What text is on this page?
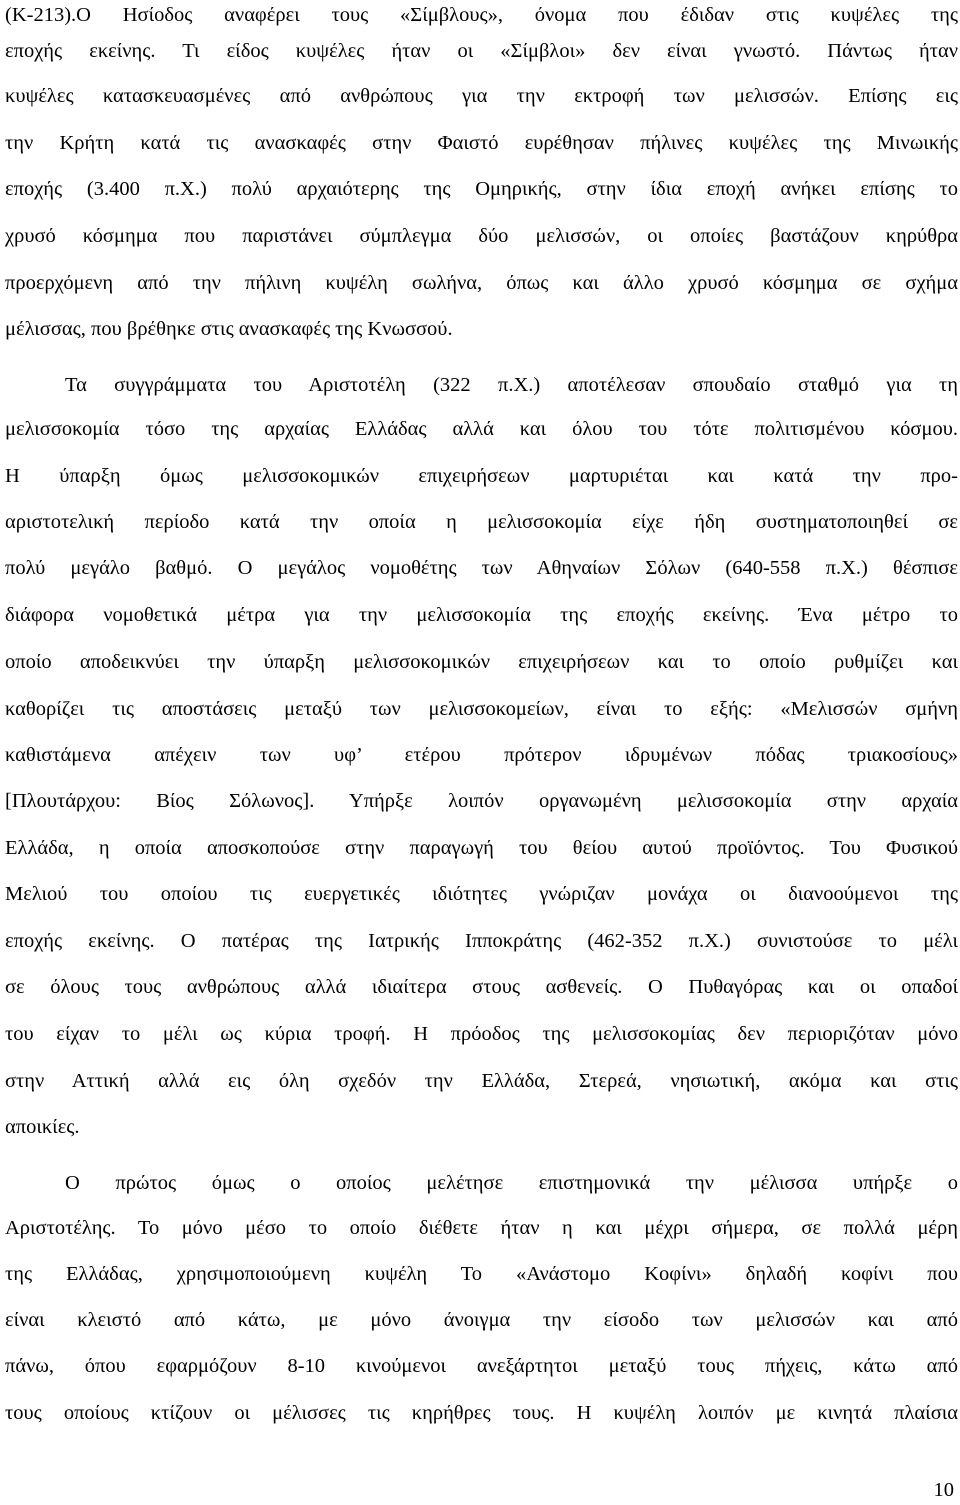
(Κ-213).Ο Ησίοδος αναφέρει τους «Σίμβλους», όνομα που έδιδαν στις κυψέλες της
εποχής εκείνης. Τι είδος κυψέλες ήταν οι «Σίμβλοι» δεν είναι γνωστό. Πάντως ήταν
κυψέλες κατασκευασμένες από ανθρώπους για την εκτροφή των μελισσών. Επίσης εις
την Κρήτη κατά τις ανασκαφές στην Φαιστό ευρέθησαν πήλινες κυψέλες της Μινωικής
εποχής (3.400 π.Χ.) πολύ αρχαιότερης της Ομηρικής, στην ίδια εποχή ανήκει επίσης το
χρυσό κόσμημα που παριστάνει σύμπλεγμα δύο μελισσών, οι οποίες βαστάζουν κηρύθρα
προερχόμενη από την πήλινη κυψέλη σωλήνα, όπως και άλλο χρυσό κόσμημα σε σχήμα
μέλισσας, που βρέθηκε στις ανασκαφές της Κνωσσού.
Τα συγγράμματα του Αριστοτέλη (322 π.Χ.) αποτέλεσαν σπουδαίο σταθμό για τη
μελισσοκομία τόσο της αρχαίας Ελλάδας αλλά και όλου του τότε πολιτισμένου κόσμου.
Η ύπαρξη όμως μελισσοκομικών επιχειρήσεων μαρτυριέται και κατά την προ-
αριστοτελική περίοδο κατά την οποία η μελισσοκομία είχε ήδη συστηματοποιηθεί σε
πολύ μεγάλο βαθμό. Ο μεγάλος νομοθέτης των Αθηναίων Σόλων (640-558 π.Χ.) θέσπισε
διάφορα νομοθετικά μέτρα για την μελισσοκομία της εποχής εκείνης. Ένα μέτρο το
οποίο αποδεικνύει την ύπαρξη μελισσοκομικών επιχειρήσεων και το οποίο ρυθμίζει και
καθορίζει τις αποστάσεις μεταξύ των μελισσοκομείων, είναι το εξής: «Μελισσών σμήνη
καθιστάμενα απέχειν των υφ’ ετέρου πρότερον ιδρυμένων πόδας τριακοσίους»
[Πλουτάρχου: Βίος Σόλωνος]. Υπήρξε λοιπόν οργανωμένη μελισσοκομία στην αρχαία
Ελλάδα, η οποία αποσκοπούσε στην παραγωγή του θείου αυτού προϊόντος. Του Φυσικού
Μελιού του οποίου τις ευεργετικές ιδιότητες γνώριζαν μονάχα οι διανοούμενοι της
εποχής εκείνης. Ο πατέρας της Ιατρικής Ιπποκράτης (462-352 π.Χ.) συνιστούσε το μέλι
σε όλους τους ανθρώπους αλλά ιδιαίτερα στους ασθενείς. Ο Πυθαγόρας και οι οπαδοί
του είχαν το μέλι ως κύρια τροφή. Η πρόοδος της μελισσοκομίας δεν περιοριζόταν μόνο
στην Αττική αλλά εις όλη σχεδόν την Ελλάδα, Στερεά, νησιωτική, ακόμα και στις
αποικίες.
Ο πρώτος όμως ο οποίος μελέτησε επιστημονικά την μέλισσα υπήρξε ο
Αριστοτέλης. Το μόνο μέσο το οποίο διέθετε ήταν η και μέχρι σήμερα, σε πολλά μέρη
της Ελλάδας, χρησιμοποιούμενη κυψέλη Το «Ανάστομο Κοφίνι» δηλαδή κοφίνι που
είναι κλειστό από κάτω, με μόνο άνοιγμα την είσοδο των μελισσών και από
πάνω, όπου εφαρμόζουν 8-10 κινούμενοι ανεξάρτητοι μεταξύ τους πήχεις, κάτω από
τους οποίους κτίζουν οι μέλισσες τις κηρήθρες τους. Η κυψέλη λοιπόν με κινητά πλαίσια
10
